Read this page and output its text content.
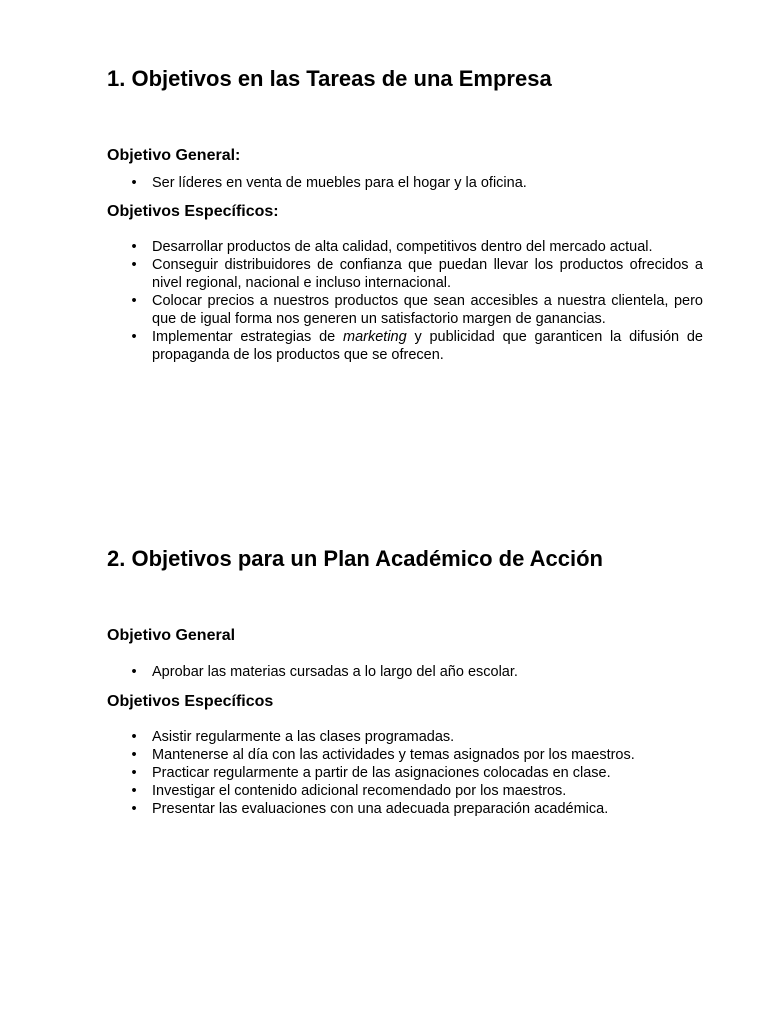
1. Objetivos en las Tareas de una Empresa
Objetivo General:
• Ser líderes en venta de muebles para el hogar y la oficina.
Objetivos Específicos:
• Desarrollar productos de alta calidad, competitivos dentro del mercado actual.
• Conseguir distribuidores de confianza que puedan llevar los productos ofrecidos a nivel regional, nacional e incluso internacional.
• Colocar precios a nuestros productos que sean accesibles a nuestra clientela, pero que de igual forma nos generen un satisfactorio margen de ganancias.
• Implementar estrategias de marketing y publicidad que garanticen la difusión de propaganda de los productos que se ofrecen.
2. Objetivos para un Plan Académico de Acción
Objetivo General
• Aprobar las materias cursadas a lo largo del año escolar.
Objetivos Específicos
• Asistir regularmente a las clases programadas.
• Mantenerse al día con las actividades y temas asignados por los maestros.
• Practicar regularmente a partir de las asignaciones colocadas en clase.
• Investigar el contenido adicional recomendado por los maestros.
• Presentar las evaluaciones con una adecuada preparación académica.
